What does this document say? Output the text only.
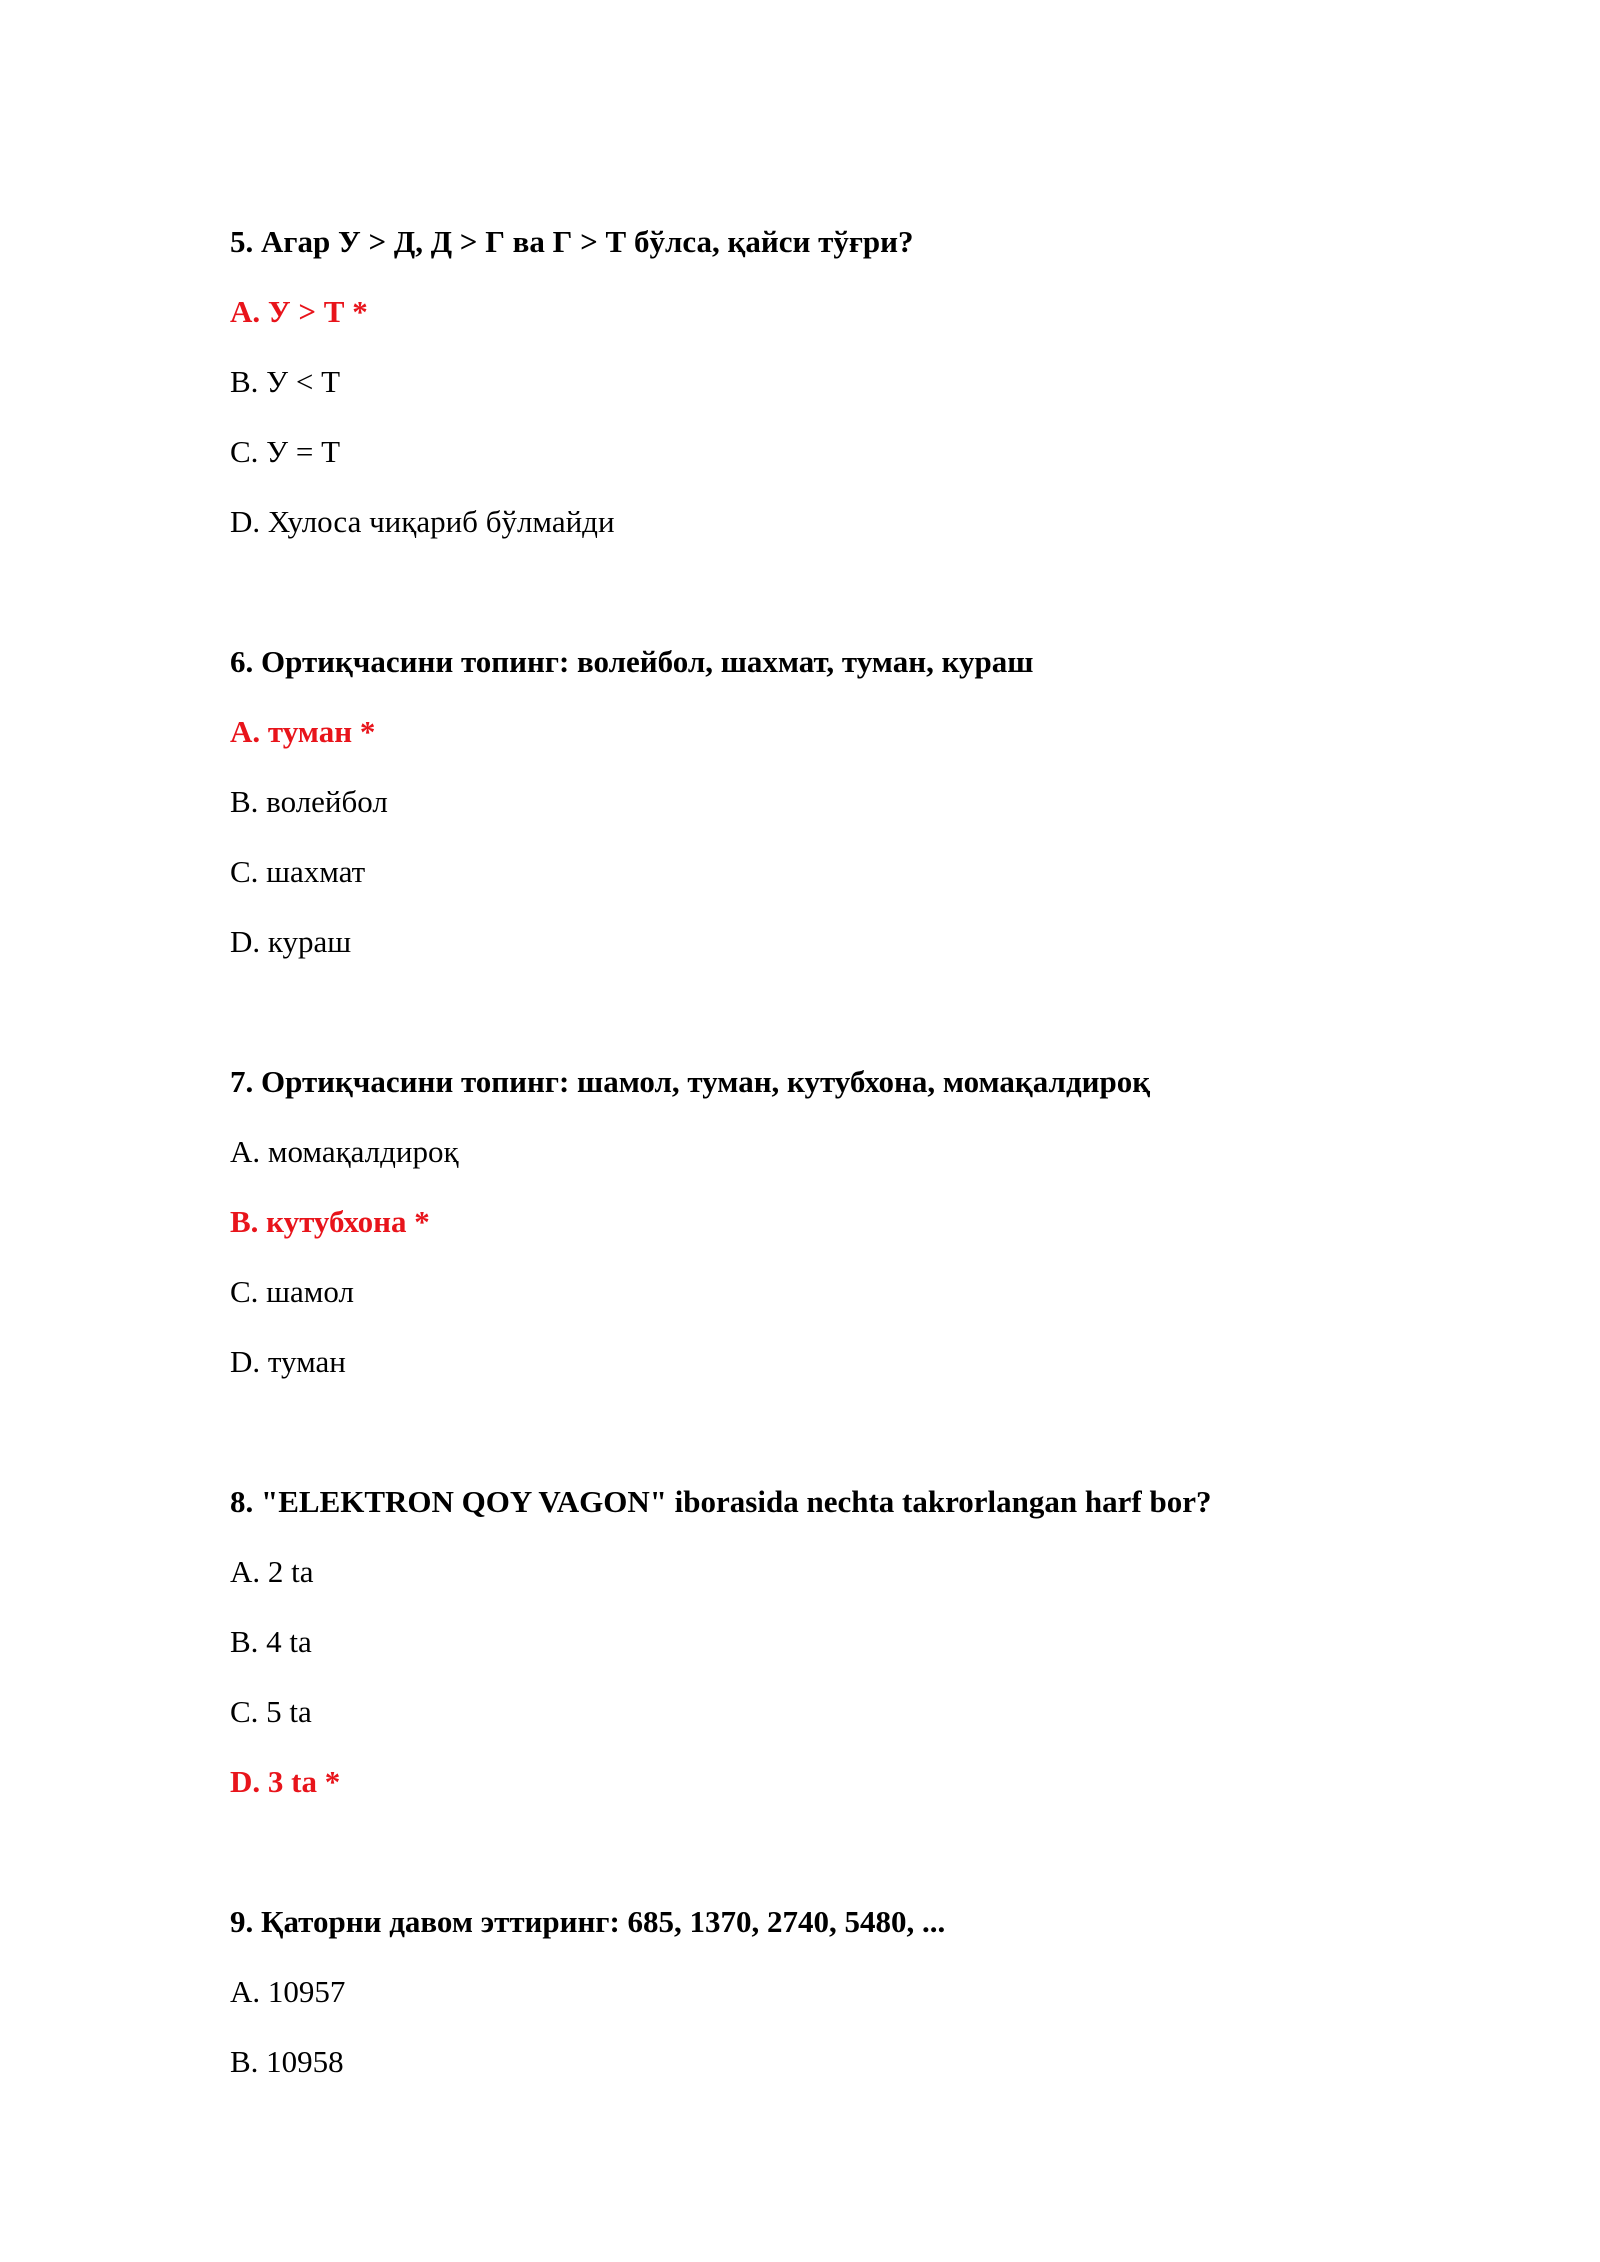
5. Агар У > Д, Д > Г ва Г > Т бўлса, қайси тўғри?
A. У > Т *
B. У < Т
C. У = Т
D. Хулоса чиқариб бўлмайди
6. Ортиқчасини топинг: волейбол, шахмат, туман, кураш
A. туман *
B. волейбол
C. шахмат
D. кураш
7. Ортиқчасини топинг: шамол, туман, кутубхона, момақалдироқ
A. момақалдироқ
B. кутубхона *
C. шамол
D. туман
8. "ELEKTRON QOY VAGON" iborasida nechta takrorlangan harf bor?
A. 2 ta
B. 4 ta
C. 5 ta
D. 3 ta *
9. Қаторни давом эттиринг: 685, 1370, 2740, 5480, ...
A. 10957
B. 10958
